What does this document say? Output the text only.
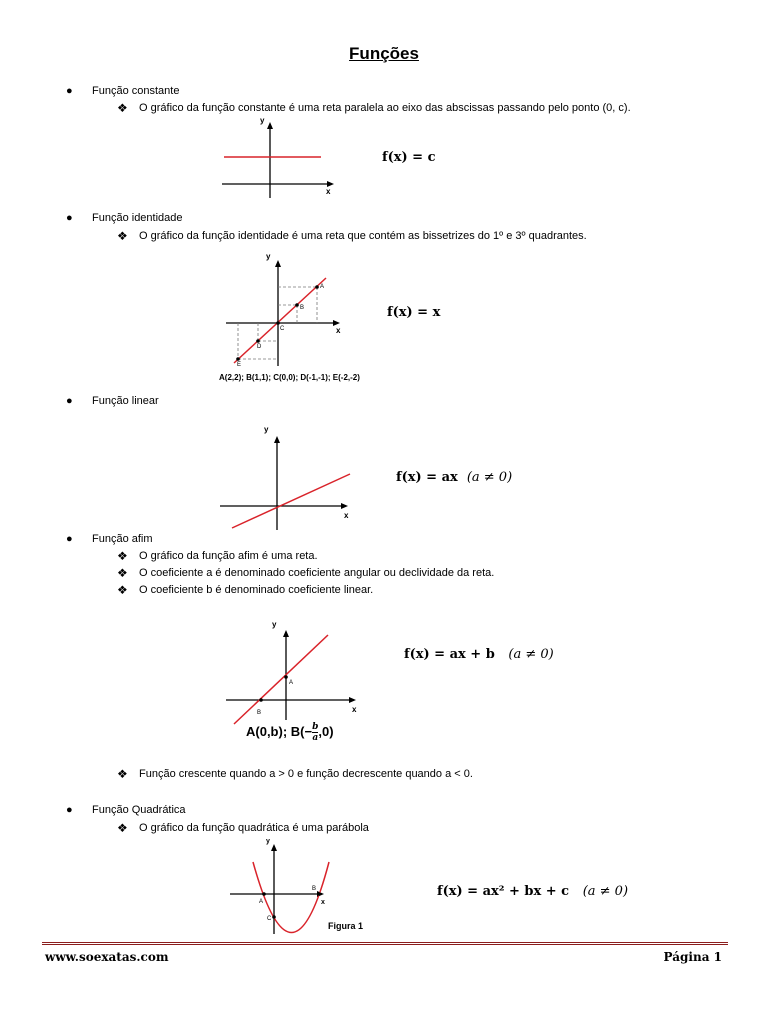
Funções
● Função constante
❖ O gráfico da função constante é uma reta paralela ao eixo das abscissas passando pelo ponto (0, c).
y
x
f(x) = c
● Função identidade
❖ O gráfico da função identidade é uma reta que contém as bissetrizes do 1º e 3º quadrantes.
A
B
C
D
E
y
x
A(2,2); B(1,1); C(0,0); D(-1,-1); E(-2,-2)
f(x) = x
● Função linear
y
x
f(x) = ax (a ≠ 0)
● Função afim
❖ O gráfico da função afim é uma reta.
❖ O coeficiente a é denominado coeficiente angular ou declividade da reta.
❖ O coeficiente b é denominado coeficiente linear.
A
B
y
x
A(0,b); $B(- \frac{b}{a} ,0)$
f(x) = ax + b (a ≠ 0)
❖ Função crescente quando a > 0 e função decrescente quando a < 0.
● Função Quadrática
❖ O gráfico da função quadrática é uma parábola
A
B
C
y
x
Figura 1
f(x) = ax² + bx + c (a ≠ 0)
www.soexatas.com	Página 1
